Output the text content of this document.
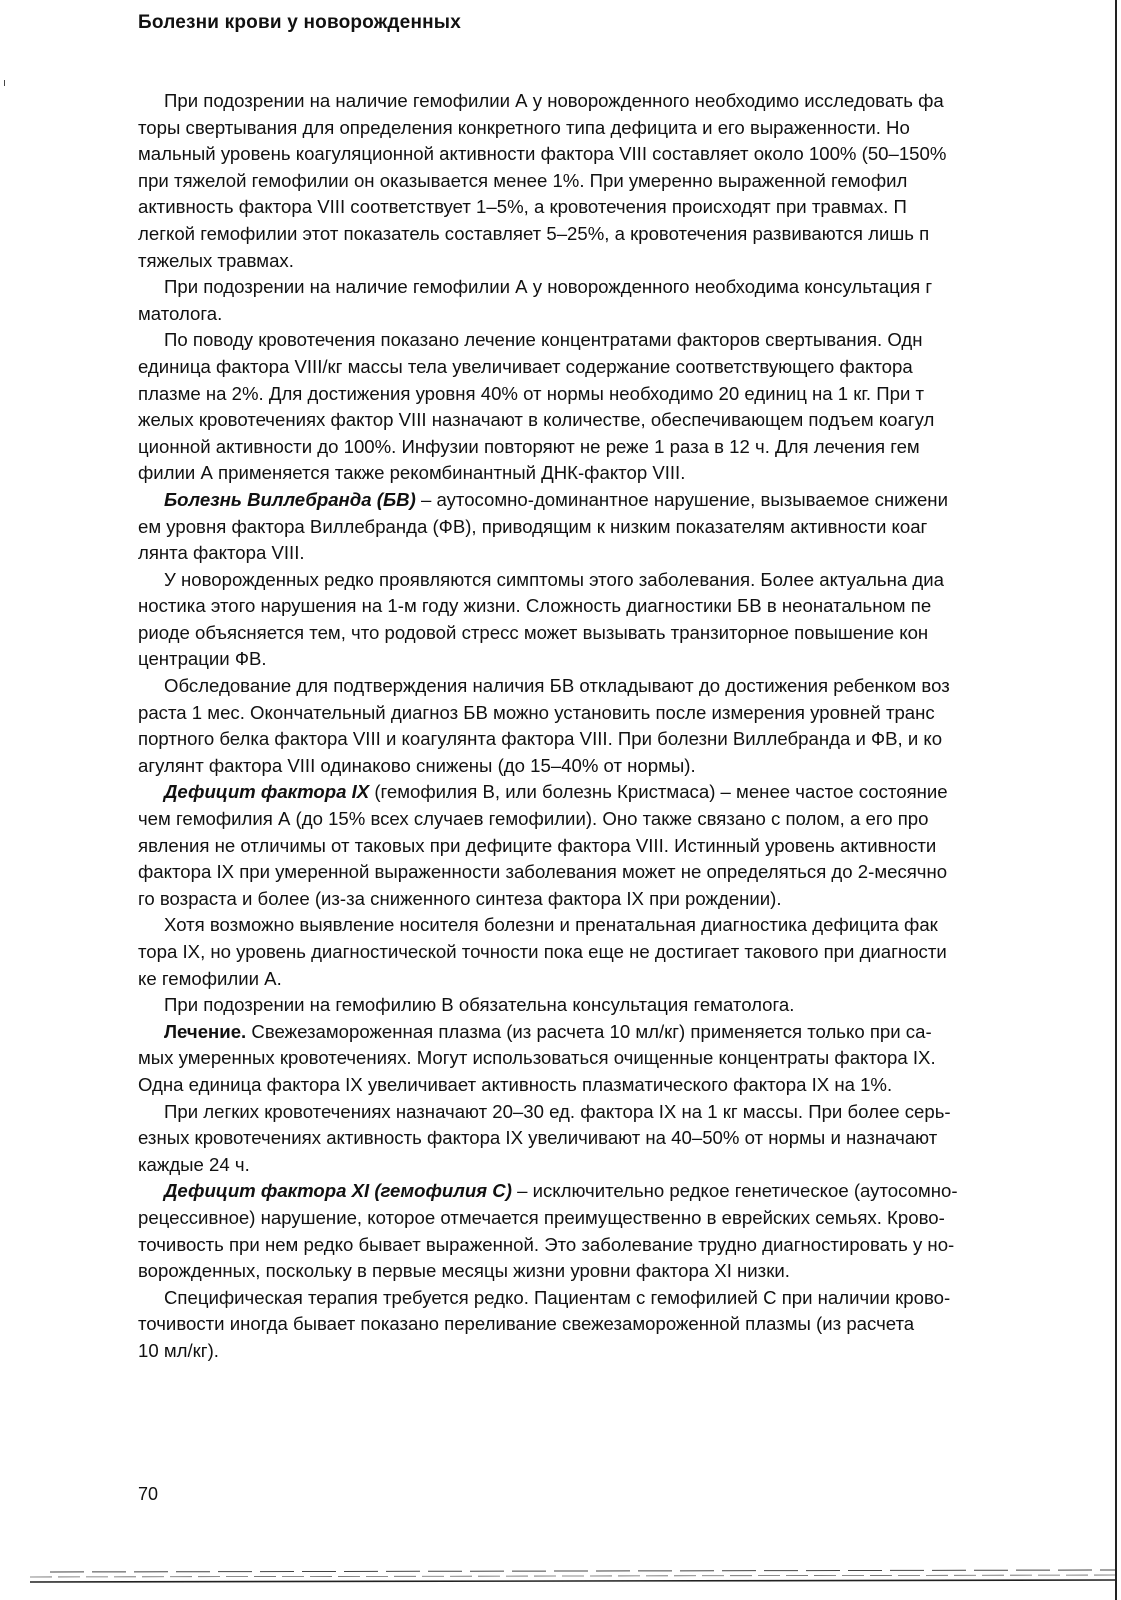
Болезни крови у новорожденных
При подозрении на наличие гемофилии А у новорожденного необходимо исследовать фа
торы свертывания для определения конкретного типа дефицита и его выраженности. Но
мальный уровень коагуляционной активности фактора VIII составляет около 100% (50–150%
при тяжелой гемофилии он оказывается менее 1%. При умеренно выраженной гемофил
активность фактора VIII соответствует 1–5%, а кровотечения происходят при травмах. П
легкой гемофилии этот показатель составляет 5–25%, а кровотечения развиваются лишь п
тяжелых травмах.
При подозрении на наличие гемофилии А у новорожденного необходима консультация г
матолога.
По поводу кровотечения показано лечение концентратами факторов свертывания. Одн
единица фактора VIII/кг массы тела увеличивает содержание соответствующего фактора
плазме на 2%. Для достижения уровня 40% от нормы необходимо 20 единиц на 1 кг. При т
желых кровотечениях фактор VIII назначают в количестве, обеспечивающем подъем коагул
ционной активности до 100%. Инфузии повторяют не реже 1 раза в 12 ч. Для лечения гем
филии А применяется также рекомбинантный ДНК-фактор VIII.
Болезнь Виллебранда (БВ) – аутосомно-доминантное нарушение, вызываемое снижени
ем уровня фактора Виллебранда (ФВ), приводящим к низким показателям активности коаг
лянта фактора VIII.
У новорожденных редко проявляются симптомы этого заболевания. Более актуальна диа
ностика этого нарушения на 1-м году жизни. Сложность диагностики БВ в неонатальном пе
риоде объясняется тем, что родовой стресс может вызывать транзиторное повышение кон
центрации ФВ.
Обследование для подтверждения наличия БВ откладывают до достижения ребенком воз
раста 1 мес. Окончательный диагноз БВ можно установить после измерения уровней транс
портного белка фактора VIII и коагулянта фактора VIII. При болезни Виллебранда и ФВ, и ко
агулянт фактора VIII одинаково снижены (до 15–40% от нормы).
Дефицит фактора IX (гемофилия В, или болезнь Кристмаса) – менее частое состояние
чем гемофилия А (до 15% всех случаев гемофилии). Оно также связано с полом, а его про
явления не отличимы от таковых при дефиците фактора VIII. Истинный уровень активности
фактора IX при умеренной выраженности заболевания может не определяться до 2-месячно
го возраста и более (из-за сниженного синтеза фактора IX при рождении).
Хотя возможно выявление носителя болезни и пренатальная диагностика дефицита фак
тора IX, но уровень диагностической точности пока еще не достигает такового при диагности
ке гемофилии А.
При подозрении на гемофилию В обязательна консультация гематолога.
Лечение. Свежезамороженная плазма (из расчета 10 мл/кг) применяется только при са-
мых умеренных кровотечениях. Могут использоваться очищенные концентраты фактора IX.
Одна единица фактора IX увеличивает активность плазматического фактора IX на 1%.
При легких кровотечениях назначают 20–30 ед. фактора IX на 1 кг массы. При более серь-
езных кровотечениях активность фактора IX увеличивают на 40–50% от нормы и назначают
каждые 24 ч.
Дефицит фактора XI (гемофилия С) – исключительно редкое генетическое (аутосомно-
рецессивное) нарушение, которое отмечается преимущественно в еврейских семьях. Крово-
точивость при нем редко бывает выраженной. Это заболевание трудно диагностировать у но-
ворожденных, поскольку в первые месяцы жизни уровни фактора XI низки.
Специфическая терапия требуется редко. Пациентам с гемофилией С при наличии крово-
точивости иногда бывает показано переливание свежезамороженной плазмы (из расчета
10 мл/кг).
70
